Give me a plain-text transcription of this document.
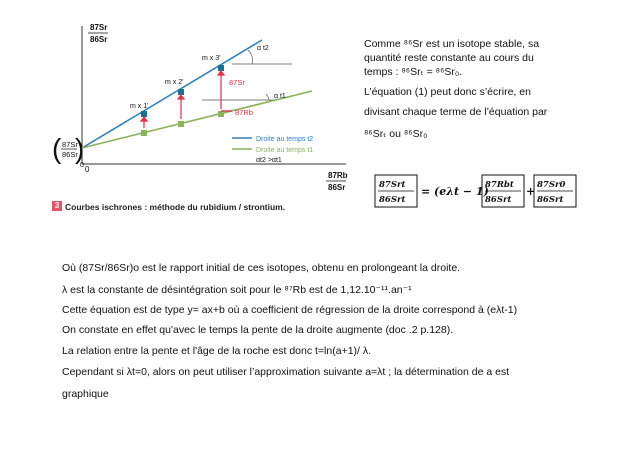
87Sr
86Sr
87Rb
86Sr
( 87Sr
86Sr
)
0 0
α t2
α t1
m x 1'
m x 2'
m x 3'
87Sr
87Rb
Droite au temps t2
Droite au temps t1
αt2 >αt1
3 Courbes ischrones : méthode du rubidium / strontium.
Comme ⁸⁶Sr est un isotope stable, sa
quantité reste constante au cours du
temps : ⁸⁶Srₜ = ⁸⁶Sr₀.
L’équation (1) peut donc s’écrire, en
divisant chaque terme de l’équation par
⁸⁶Srₜ ou ⁸⁶Sr₀
87Srt
86Srt
= (eλt − 1)
87Rbt
86Srt
+ 87Sr0
86Srt
Où (87Sr/86Sr)o est le rapport initial de ces isotopes, obtenu en prolongeant la droite.
λ est la constante de désintégration soit pour le ⁸⁷Rb est de 1,12.10⁻¹¹.an⁻¹
Cette équation est de type y= ax+b où a coefficient de régression de la droite correspond à (eλt-1)
On constate en effet qu'avec le temps la pente de la droite augmente (doc .2 p.128).
La relation entre la pente et l'âge de la roche est donc t=ln(a+1)/ λ.
Cependant si λt=0, alors on peut utiliser l’approximation suivante a=λt ; la détermination de a est
graphique
